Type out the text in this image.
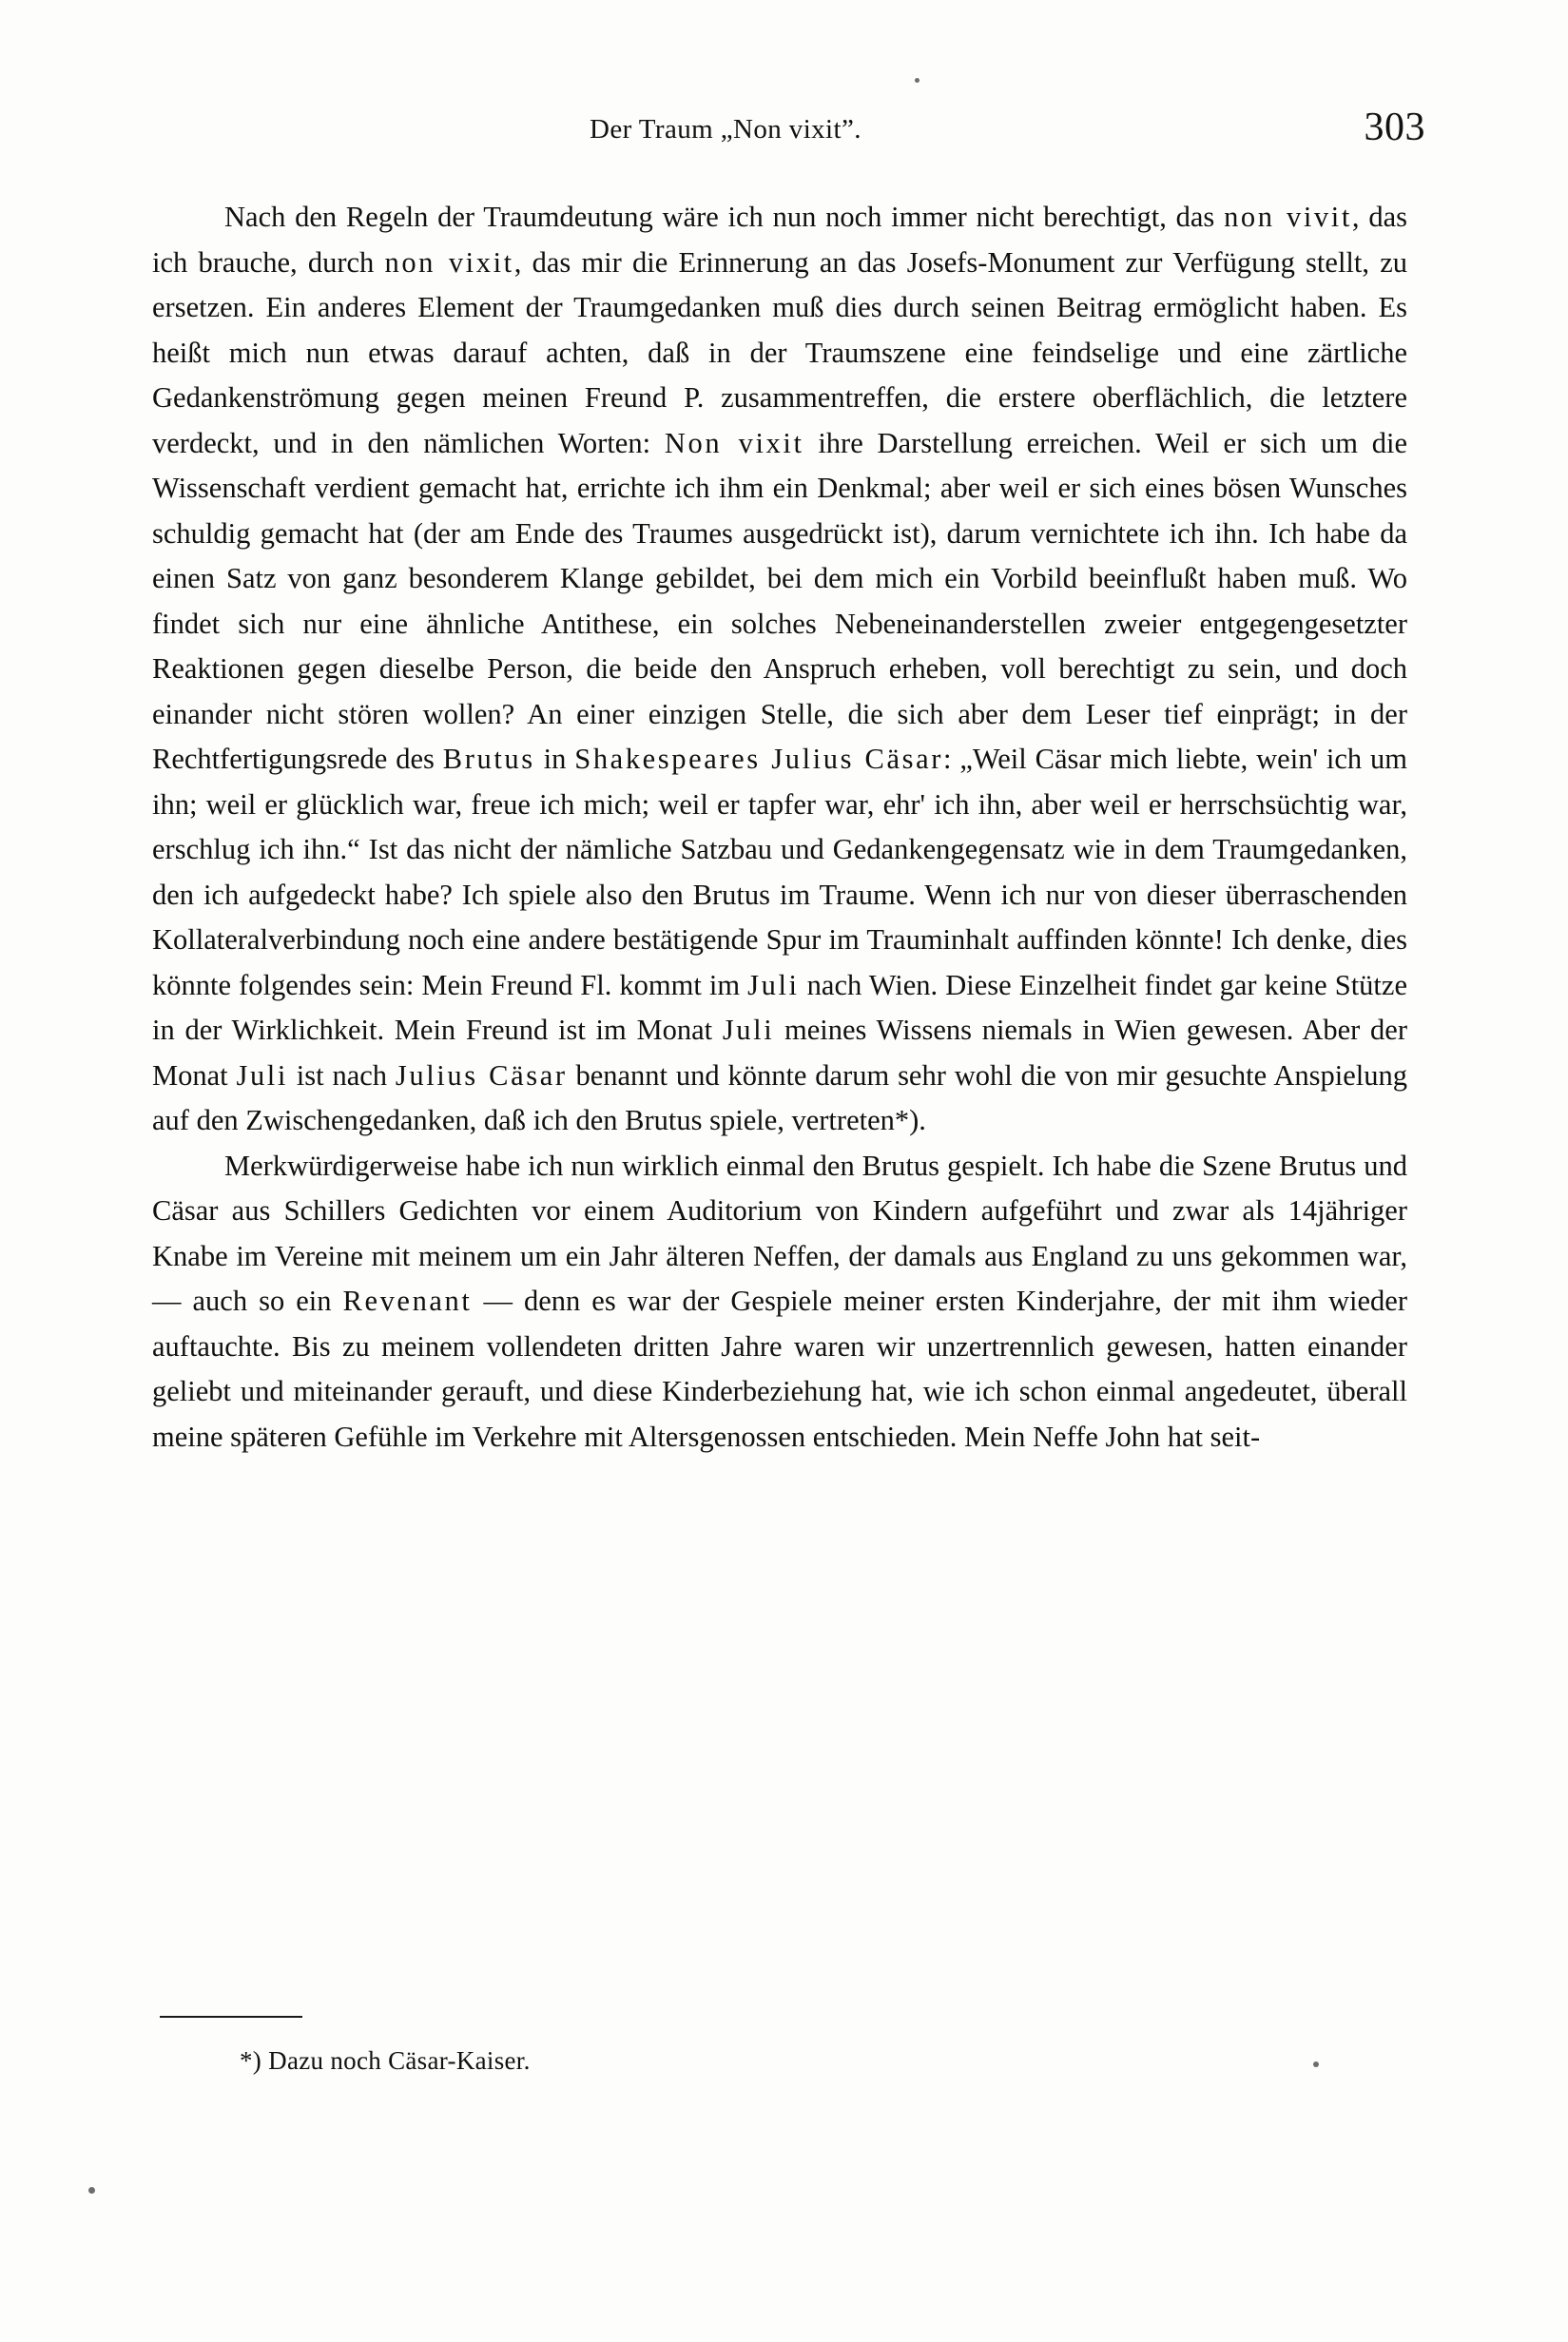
Der Traum „Non vixit”.	303

Nach den Regeln der Traumdeutung wäre ich nun noch immer nicht berechtigt, das non vivit, das ich brauche, durch non vixit, das mir die Erinnerung an das Josefs-Monument zur Verfügung stellt, zu ersetzen. Ein anderes Element der Traumgedanken muß dies durch seinen Beitrag ermöglicht haben. Es heißt mich nun etwas darauf achten, daß in der Traumszene eine feindselige und eine zärtliche Gedankenströmung gegen meinen Freund P. zusammentreffen, die erstere oberflächlich, die letztere verdeckt, und in den nämlichen Worten: Non vixit ihre Darstellung erreichen. Weil er sich um die Wissenschaft verdient gemacht hat, errichte ich ihm ein Denkmal; aber weil er sich eines bösen Wunsches schuldig gemacht hat (der am Ende des Traumes ausgedrückt ist), darum vernichtete ich ihn. Ich habe da einen Satz von ganz besonderem Klange gebildet, bei dem mich ein Vorbild beeinflußt haben muß. Wo findet sich nur eine ähnliche Antithese, ein solches Nebeneinanderstellen zweier entgegengesetzter Reaktionen gegen dieselbe Person, die beide den Anspruch erheben, voll berechtigt zu sein, und doch einander nicht stören wollen? An einer einzigen Stelle, die sich aber dem Leser tief einprägt; in der Rechtfertigungsrede des Brutus in Shakespeares Julius Cäsar: „Weil Cäsar mich liebte, wein' ich um ihn; weil er glücklich war, freue ich mich; weil er tapfer war, ehr' ich ihn, aber weil er herrschsüchtig war, erschlug ich ihn.“ Ist das nicht der nämliche Satzbau und Gedankengegensatz wie in dem Traumgedanken, den ich aufgedeckt habe? Ich spiele also den Brutus im Traume. Wenn ich nur von dieser überraschenden Kollateralverbindung noch eine andere bestätigende Spur im Trauminhalt auffinden könnte! Ich denke, dies könnte folgendes sein: Mein Freund Fl. kommt im Juli nach Wien. Diese Einzelheit findet gar keine Stütze in der Wirklichkeit. Mein Freund ist im Monat Juli meines Wissens niemals in Wien gewesen. Aber der Monat Juli ist nach Julius Cäsar benannt und könnte darum sehr wohl die von mir gesuchte Anspielung auf den Zwischengedanken, daß ich den Brutus spiele, vertreten*).

Merkwürdigerweise habe ich nun wirklich einmal den Brutus gespielt. Ich habe die Szene Brutus und Cäsar aus Schillers Gedichten vor einem Auditorium von Kindern aufgeführt und zwar als 14jähriger Knabe im Vereine mit meinem um ein Jahr älteren Neffen, der damals aus England zu uns gekommen war, — auch so ein Revenant — denn es war der Gespiele meiner ersten Kinderjahre, der mit ihm wieder auftauchte. Bis zu meinem vollendeten dritten Jahre waren wir unzertrennlich gewesen, hatten einander geliebt und miteinander gerauft, und diese Kinderbeziehung hat, wie ich schon einmal angedeutet, überall meine späteren Gefühle im Verkehre mit Altersgenossen entschieden. Mein Neffe John hat seit-

*) Dazu noch Cäsar-Kaiser.
